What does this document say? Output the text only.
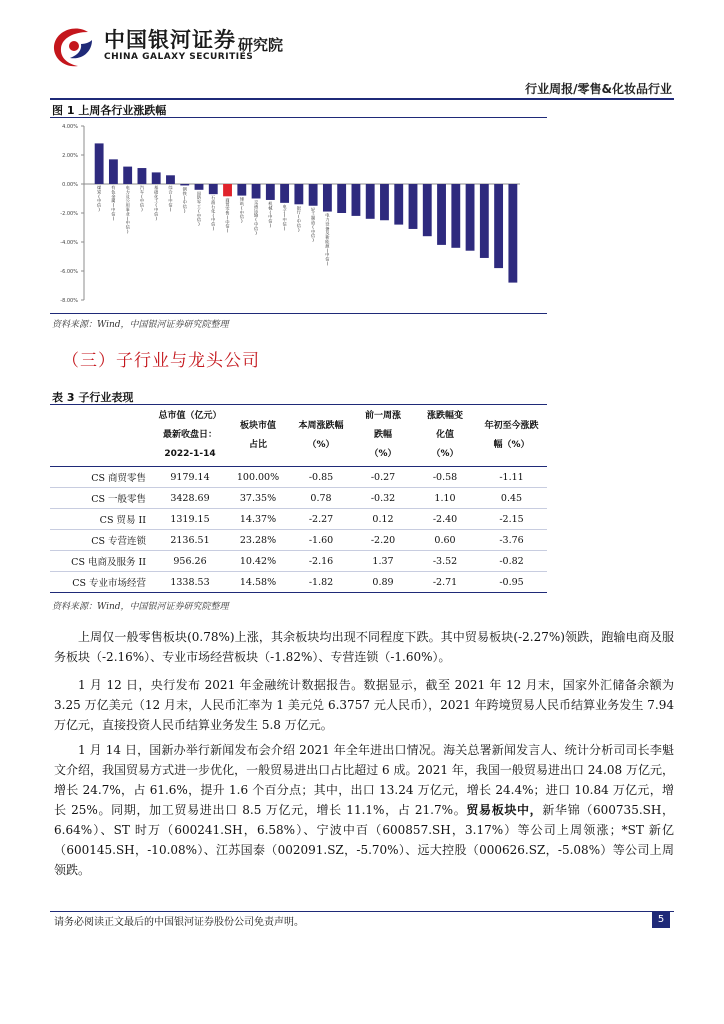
中国银河证券
CHINA GALAXY SECURITIES
研究院
行业周报/零售&化妆品行业
图 1 上周各行业涨跌幅
4.00%
2.00%
0.00%
-2.00%
-4.00%
-6.00%
-8.00%
煤炭(中信)
有色金属(中信)
电力及公用事业(中信)
汽车(中信)
基础化工(中信)
综合(中信)
国防军工(中信)
钢铁(中信)
石油石化(中信)
商贸零售(中信)
建筑(中信)
交通运输(中信)
机械(中信)
电子(中信)
银行(中信)
轻工制造(中信)
电力设备及新能源(中信)
资料来源：Wind，中国银河证券研究院整理
（三）子行业与龙头公司
表 3 子行业表现
	总市值（亿元）
最新收盘日：
2022-1-14	板块市值
占比	本周涨跌幅
（%）	前一周涨
跌幅
（%）	涨跌幅变
化值
（%）	年初至今涨跌
幅（%）
CS 商贸零售	9179.14	100.00%	-0.85	-0.27	-0.58	-1.11
CS 一般零售	3428.69	37.35%	0.78	-0.32	1.10	0.45
CS 贸易 II	1319.15	14.37%	-2.27	0.12	-2.40	-2.15
CS 专营连锁	2136.51	23.28%	-1.60	-2.20	0.60	-3.76
CS 电商及服务 II	956.26	10.42%	-2.16	1.37	-3.52	-0.82
CS 专业市场经营	1338.53	14.58%	-1.82	0.89	-2.71	-0.95
资料来源：Wind，中国银河证券研究院整理

上周仅一般零售板块(0.78%)上涨，其余板块均出现不同程度下跌。其中贸易板块(-2.27%)领跌，跑输电商及服务板块（-2.16%）、专业市场经营板块（-1.82%）、专营连锁（-1.60%）。

1 月 12 日，央行发布 2021 年金融统计数据报告。数据显示，截至 2021 年 12 月末，国家外汇储备余额为 3.25 万亿美元（12 月末，人民币汇率为 1 美元兑 6.3757 元人民币），2021 年跨境贸易人民币结算业务发生 7.94 万亿元，直接投资人民币结算业务发生 5.8 万亿元。

1 月 14 日，国新办举行新闻发布会介绍 2021 年全年进出口情况。海关总署新闻发言人、统计分析司司长李魁文介绍，我国贸易方式进一步优化，一般贸易进出口占比超过 6 成。2021 年，我国一般贸易进出口 24.08 万亿元，增长 24.7%，占 61.6%，提升 1.6 个百分点；其中，出口 13.24 万亿元，增长 24.4%；进口 10.84 万亿元，增长 25%。同期，加工贸易进出口 8.5 万亿元，增长 11.1%，占 21.7%。贸易板块中，新华锦（600735.SH，6.64%）、ST 时万（600241.SH，6.58%）、宁波中百（600857.SH，3.17%）等公司上周领涨；*ST 新亿（600145.SH，-10.08%）、江苏国泰（002091.SZ，-5.70%）、远大控股（000626.SZ，-5.08%）等公司上周领跌。

请务必阅读正文最后的中国银河证券股份公司免责声明。	5
